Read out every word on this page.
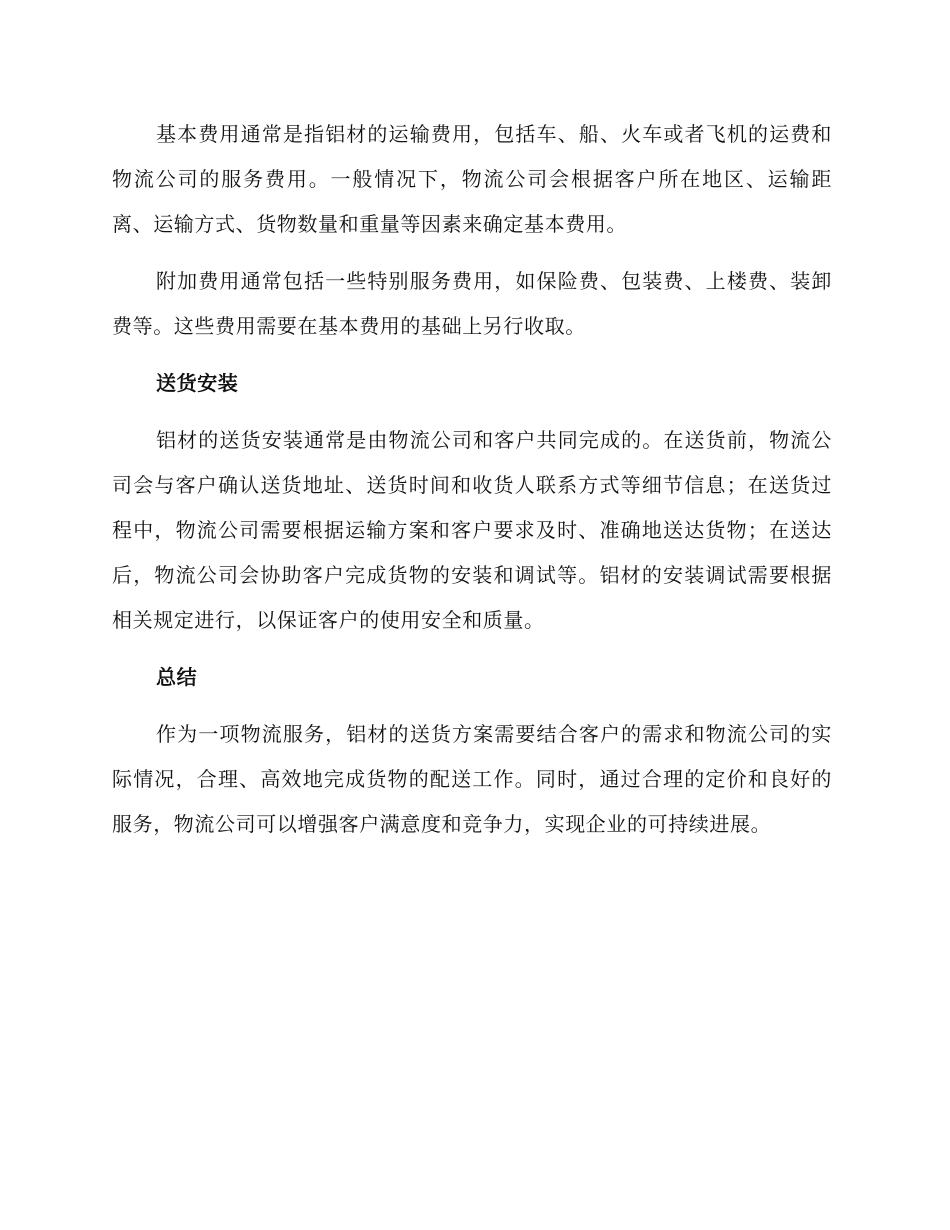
基本费用通常是指铝材的运输费用，包括车、船、火车或者飞机的运费和物流公司的服务费用。一般情况下，物流公司会根据客户所在地区、运输距离、运输方式、货物数量和重量等因素来确定基本费用。

附加费用通常包括一些特别服务费用，如保险费、包装费、上楼费、装卸费等。这些费用需要在基本费用的基础上另行收取。

送货安装

铝材的送货安装通常是由物流公司和客户共同完成的。在送货前，物流公司会与客户确认送货地址、送货时间和收货人联系方式等细节信息；在送货过程中，物流公司需要根据运输方案和客户要求及时、准确地送达货物；在送达后，物流公司会协助客户完成货物的安装和调试等。铝材的安装调试需要根据相关规定进行，以保证客户的使用安全和质量。

总结

作为一项物流服务，铝材的送货方案需要结合客户的需求和物流公司的实际情况，合理、高效地完成货物的配送工作。同时，通过合理的定价和良好的服务，物流公司可以增强客户满意度和竞争力，实现企业的可持续进展。
